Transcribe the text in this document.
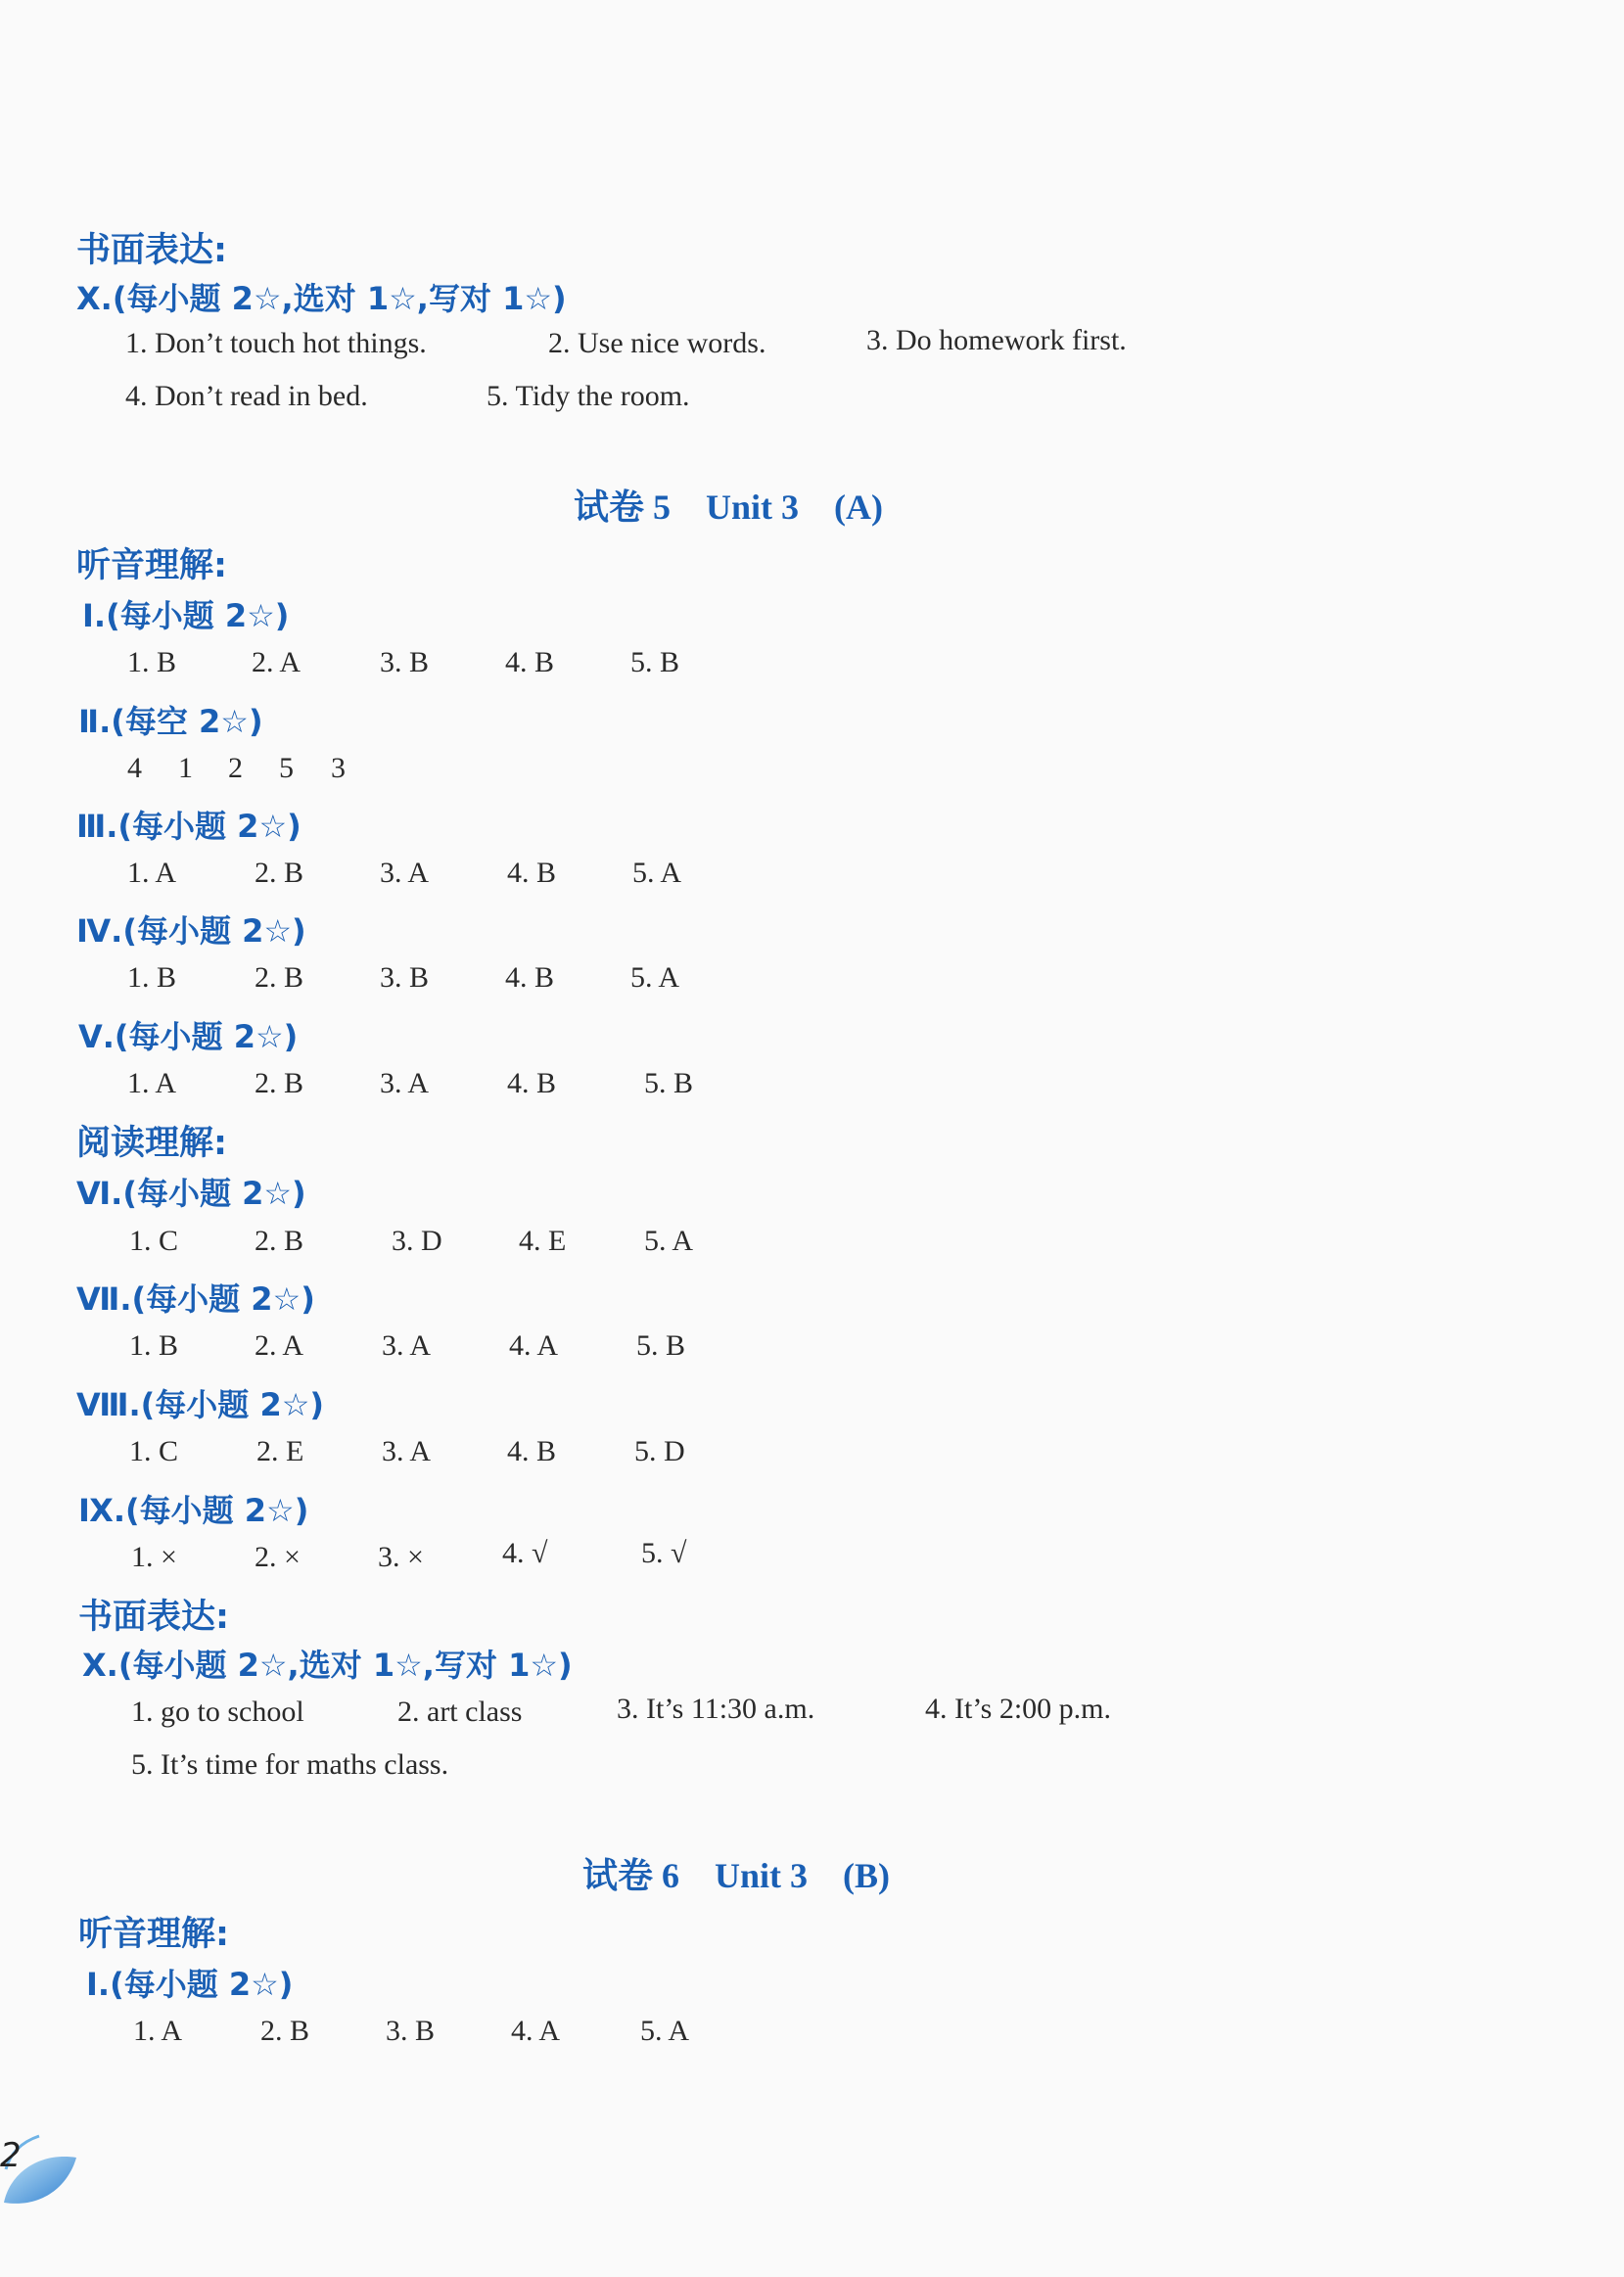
书面表达:
X.(每小题 2☆,选对 1☆,写对 1☆)
1. Don’t touch hot things.	2. Use nice words.	3. Do homework first.
4. Don’t read in bed.	5. Tidy the room.
试卷 5 Unit 3 (A)
听音理解:
Ⅰ.(每小题 2☆)
1. B	2. A	3. B	4. B	5. B
Ⅱ.(每空 2☆)
4 1 2 5 3
Ⅲ.(每小题 2☆)
1. A	2. B	3. A	4. B	5. A
Ⅳ.(每小题 2☆)
1. B	2. B	3. B	4. B	5. A
Ⅴ.(每小题 2☆)
1. A	2. B	3. A	4. B	5. B
阅读理解:
Ⅵ.(每小题 2☆)
1. C	2. B	3. D	4. E	5. A
Ⅶ.(每小题 2☆)
1. B	2. A	3. A	4. A	5. B
Ⅷ.(每小题 2☆)
1. C	2. E	3. A	4. B	5. D
Ⅸ.(每小题 2☆)
1. ×	2. ×	3. ×	4. √	5. √
书面表达:
X.(每小题 2☆,选对 1☆,写对 1☆)
1. go to school	2. art class	3. It’s 11:30 a.m.	4. It’s 2:00 p.m.
5. It’s time for maths class.
试卷 6 Unit 3 (B)
听音理解:
Ⅰ.(每小题 2☆)
1. A	2. B	3. B	4. A	5. A
2
